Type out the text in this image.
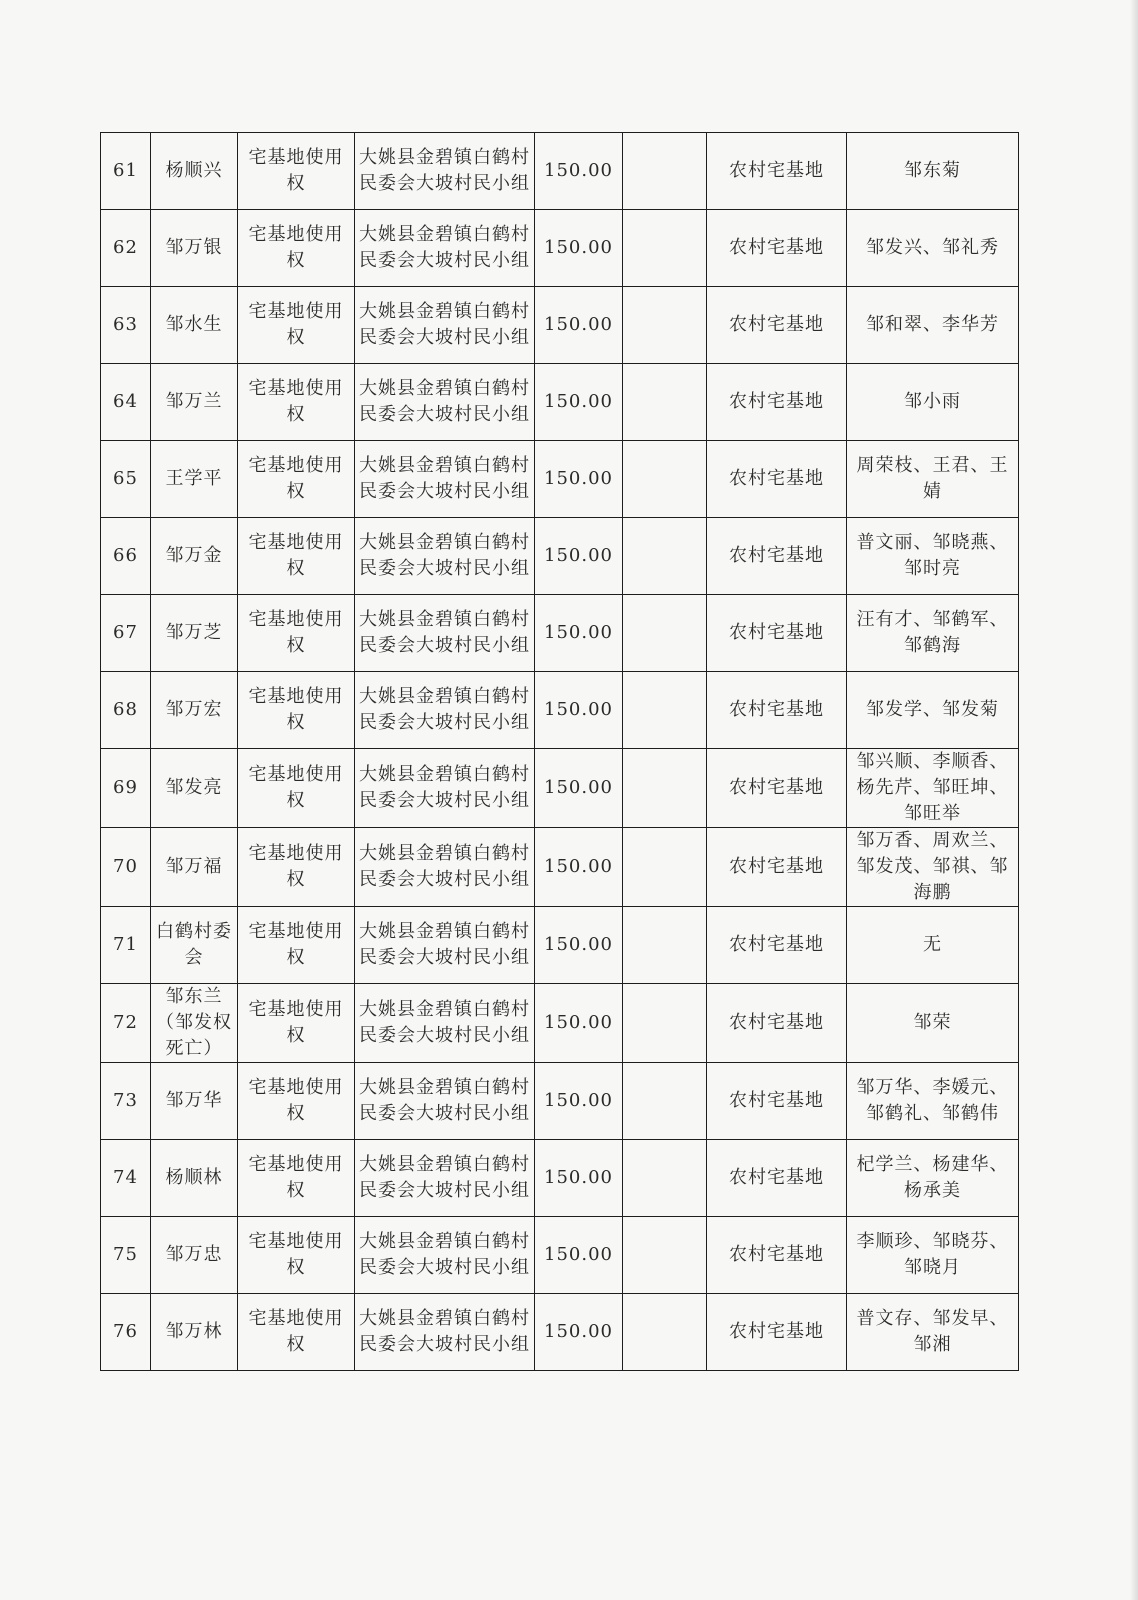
61	杨顺兴	宅基地使用权	大姚县金碧镇白鹤村民委会大坡村民小组	150.00		农村宅基地	邹东菊
62	邹万银	宅基地使用权	大姚县金碧镇白鹤村民委会大坡村民小组	150.00		农村宅基地	邹发兴、邹礼秀
63	邹水生	宅基地使用权	大姚县金碧镇白鹤村民委会大坡村民小组	150.00		农村宅基地	邹和翠、李华芳
64	邹万兰	宅基地使用权	大姚县金碧镇白鹤村民委会大坡村民小组	150.00		农村宅基地	邹小雨
65	王学平	宅基地使用权	大姚县金碧镇白鹤村民委会大坡村民小组	150.00		农村宅基地	周荣枝、王君、王婧
66	邹万金	宅基地使用权	大姚县金碧镇白鹤村民委会大坡村民小组	150.00		农村宅基地	普文丽、邹晓燕、邹时亮
67	邹万芝	宅基地使用权	大姚县金碧镇白鹤村民委会大坡村民小组	150.00		农村宅基地	汪有才、邹鹤军、邹鹤海
68	邹万宏	宅基地使用权	大姚县金碧镇白鹤村民委会大坡村民小组	150.00		农村宅基地	邹发学、邹发菊
69	邹发亮	宅基地使用权	大姚县金碧镇白鹤村民委会大坡村民小组	150.00		农村宅基地	邹兴顺、李顺香、杨先芹、邹旺坤、邹旺举
70	邹万福	宅基地使用权	大姚县金碧镇白鹤村民委会大坡村民小组	150.00		农村宅基地	邹万香、周欢兰、邹发茂、邹祺、邹海鹏
71	白鹤村委会	宅基地使用权	大姚县金碧镇白鹤村民委会大坡村民小组	150.00		农村宅基地	无
72	邹东兰（邹发权死亡）	宅基地使用权	大姚县金碧镇白鹤村民委会大坡村民小组	150.00		农村宅基地	邹荣
73	邹万华	宅基地使用权	大姚县金碧镇白鹤村民委会大坡村民小组	150.00		农村宅基地	邹万华、李媛元、邹鹤礼、邹鹤伟
74	杨顺林	宅基地使用权	大姚县金碧镇白鹤村民委会大坡村民小组	150.00		农村宅基地	杞学兰、杨建华、杨承美
75	邹万忠	宅基地使用权	大姚县金碧镇白鹤村民委会大坡村民小组	150.00		农村宅基地	李顺珍、邹晓芬、邹晓月
76	邹万林	宅基地使用权	大姚县金碧镇白鹤村民委会大坡村民小组	150.00		农村宅基地	普文存、邹发早、邹湘
